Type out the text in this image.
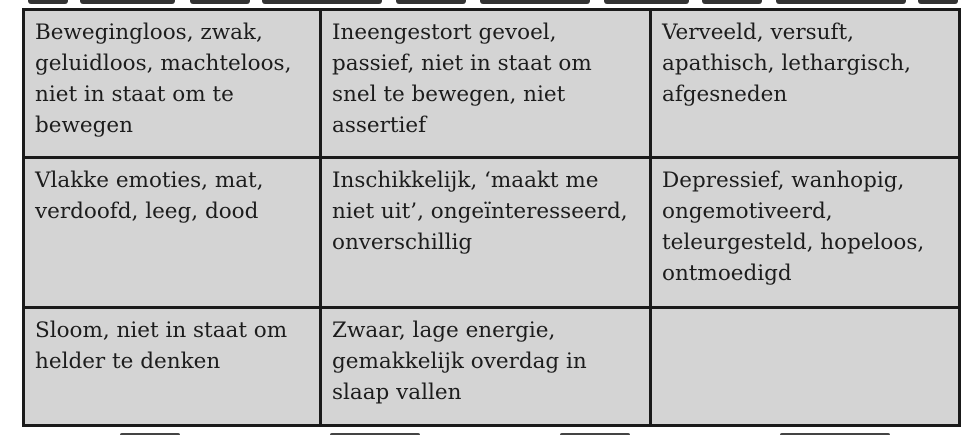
Bewegingloos, zwak, geluidloos, machteloos, niet in staat om te bewegen	Ineengestort gevoel, passief, niet in staat om snel te bewegen, niet assertief	Verveeld, versuft, apathisch, lethargisch, afgesneden
Vlakke emoties, mat, verdoofd, leeg, dood	Inschikkelijk, ‘maakt me niet uit’, ongeïnteresseerd, onverschillig	Depressief, wanhopig, ongemotiveerd, teleurgesteld, hopeloos, ontmoedigd
Sloom, niet in staat om helder te denken	Zwaar, lage energie, gemakkelijk overdag in slaap vallen	
